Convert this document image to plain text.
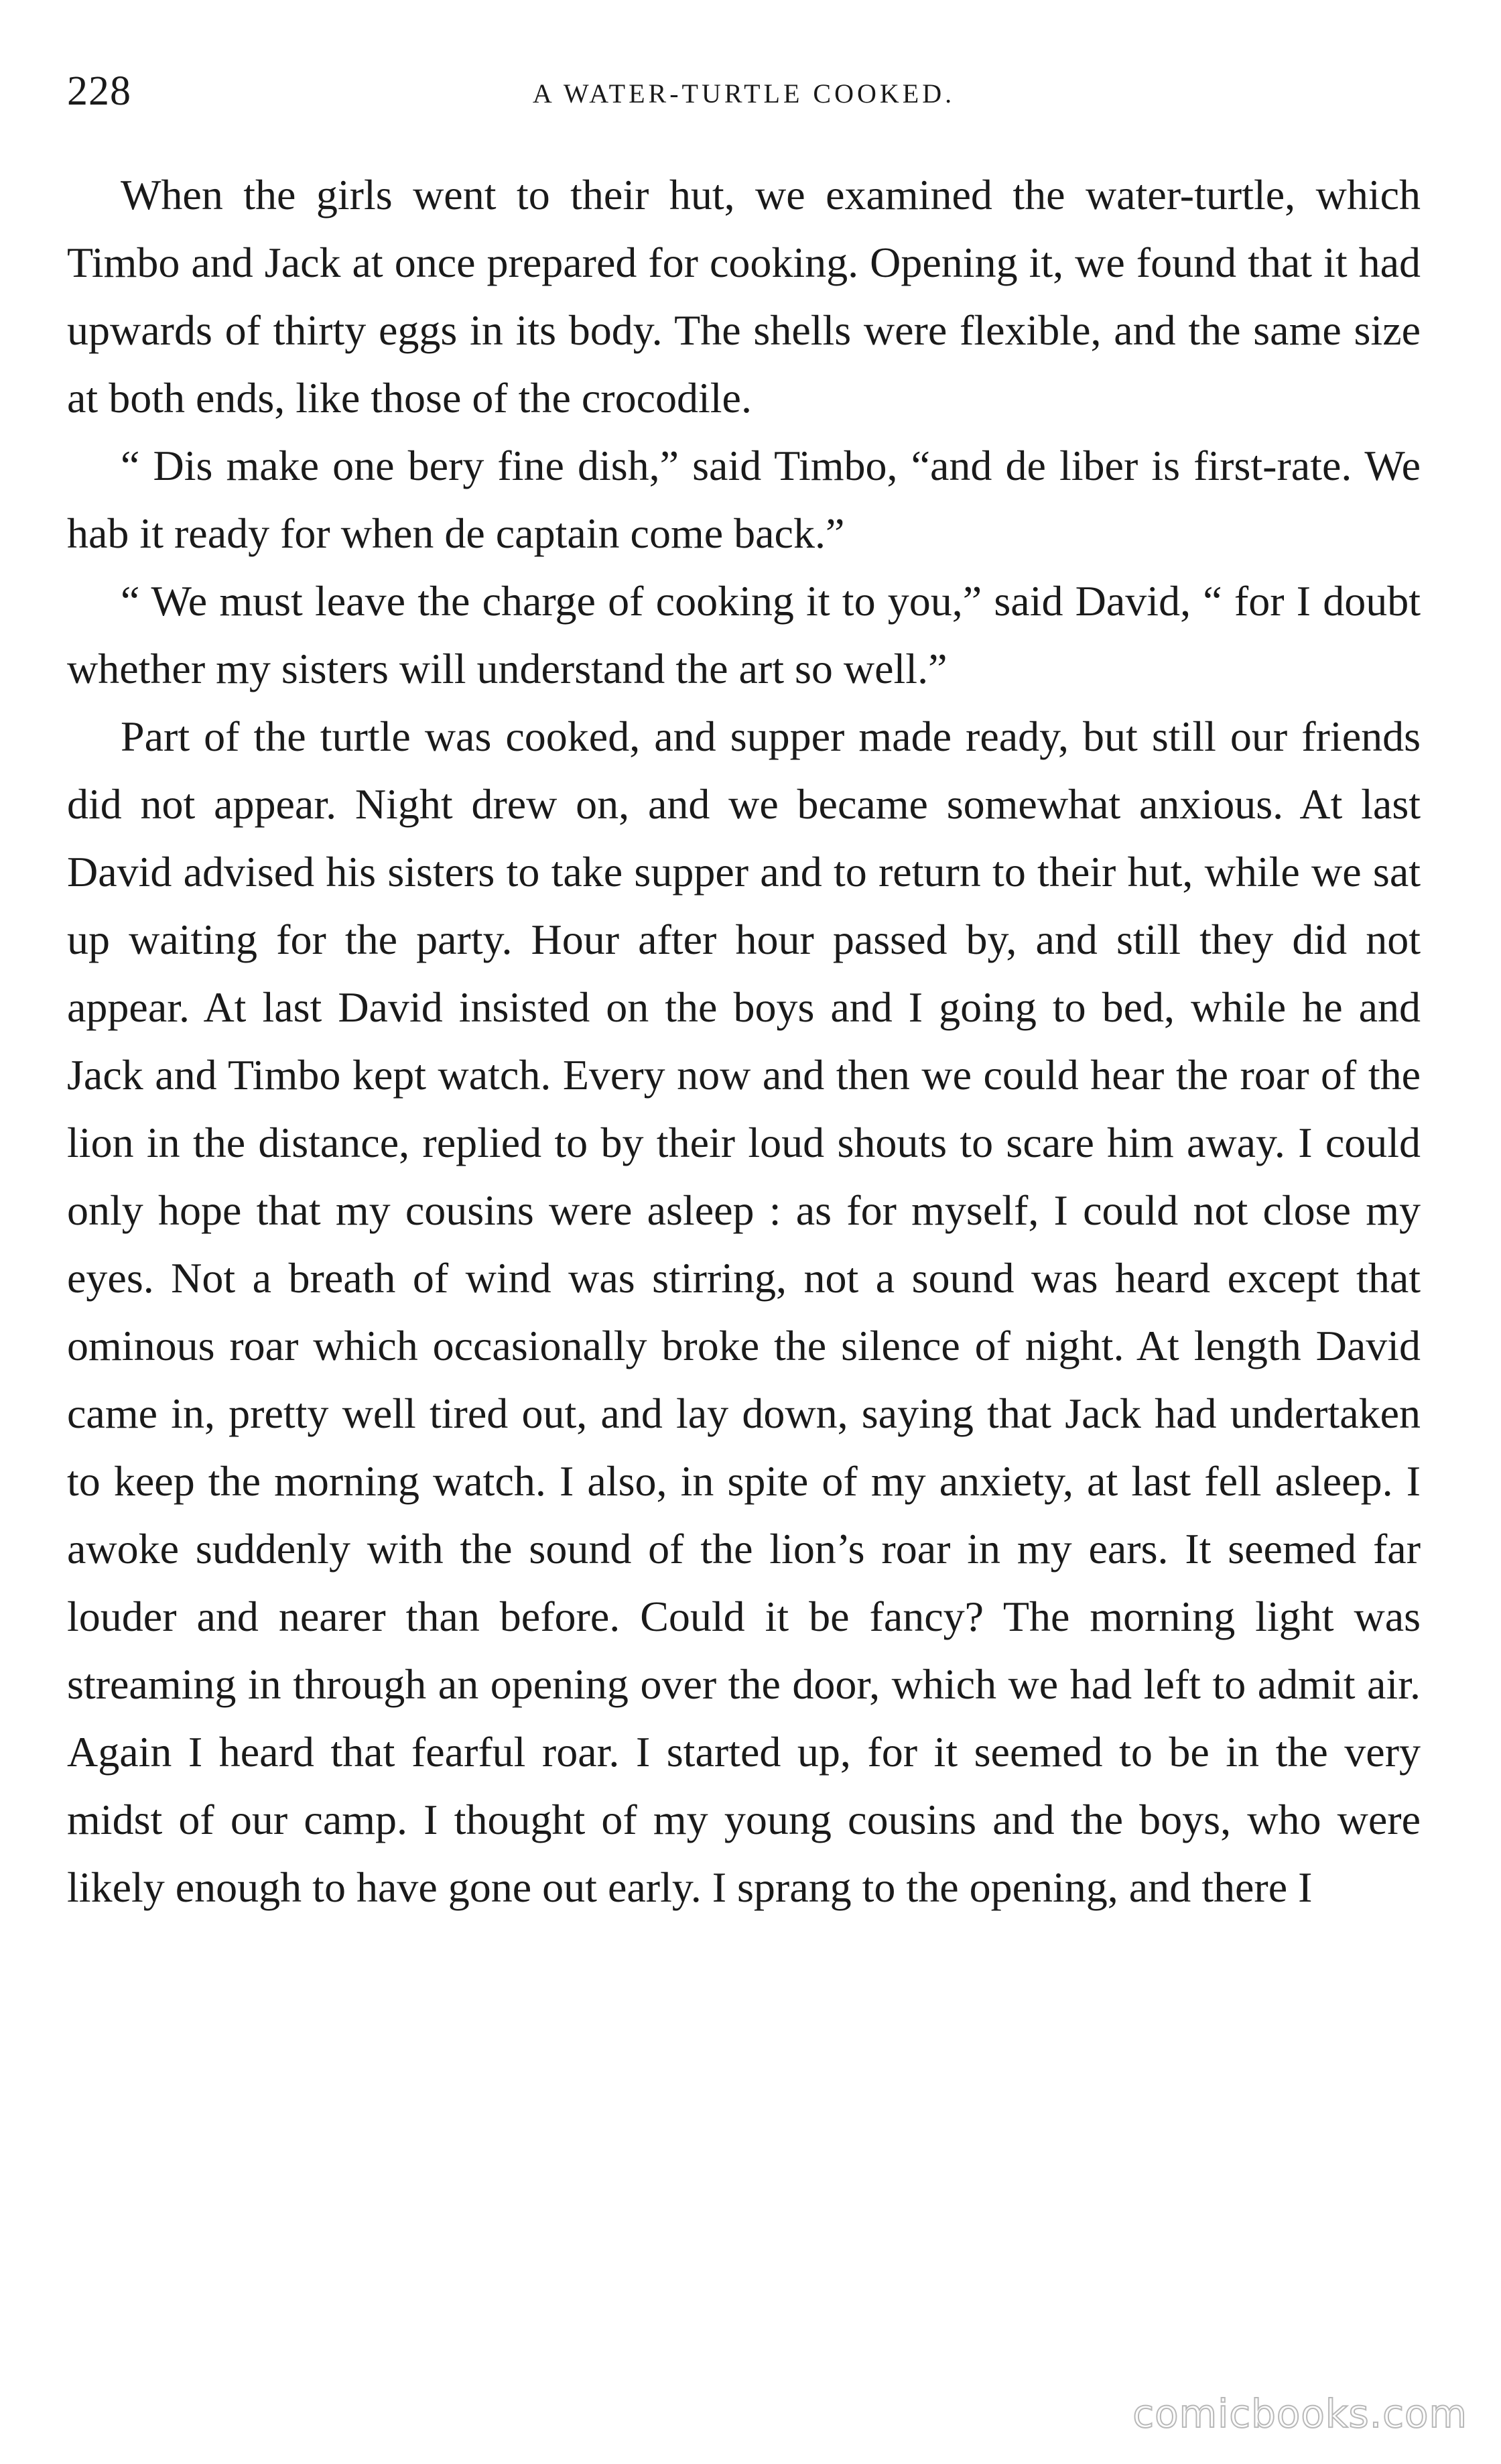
228	A WATER-TURTLE COOKED.

When the girls went to their hut, we examined the water-turtle, which Timbo and Jack at once prepared for cooking. Opening it, we found that it had upwards of thirty eggs in its body. The shells were flexible, and the same size at both ends, like those of the crocodile.

“ Dis make one bery fine dish,” said Timbo, “and de liber is first-rate. We hab it ready for when de captain come back.”

“ We must leave the charge of cooking it to you,” said David, “ for I doubt whether my sisters will understand the art so well.”

Part of the turtle was cooked, and supper made ready, but still our friends did not appear. Night drew on, and we became somewhat anxious. At last David advised his sisters to take supper and to return to their hut, while we sat up waiting for the party. Hour after hour passed by, and still they did not appear. At last David insisted on the boys and I going to bed, while he and Jack and Timbo kept watch. Every now and then we could hear the roar of the lion in the distance, replied to by their loud shouts to scare him away. I could only hope that my cousins were asleep : as for myself, I could not close my eyes. Not a breath of wind was stirring, not a sound was heard except that ominous roar which occasionally broke the silence of night. At length David came in, pretty well tired out, and lay down, saying that Jack had undertaken to keep the morning watch. I also, in spite of my anxiety, at last fell asleep. I awoke suddenly with the sound of the lion’s roar in my ears. It seemed far louder and nearer than before. Could it be fancy? The morning light was streaming in through an opening over the door, which we had left to admit air. Again I heard that fearful roar. I started up, for it seemed to be in the very midst of our camp. I thought of my young cousins and the boys, who were likely enough to have gone out early. I sprang to the opening, and there I

comicbooks.com
